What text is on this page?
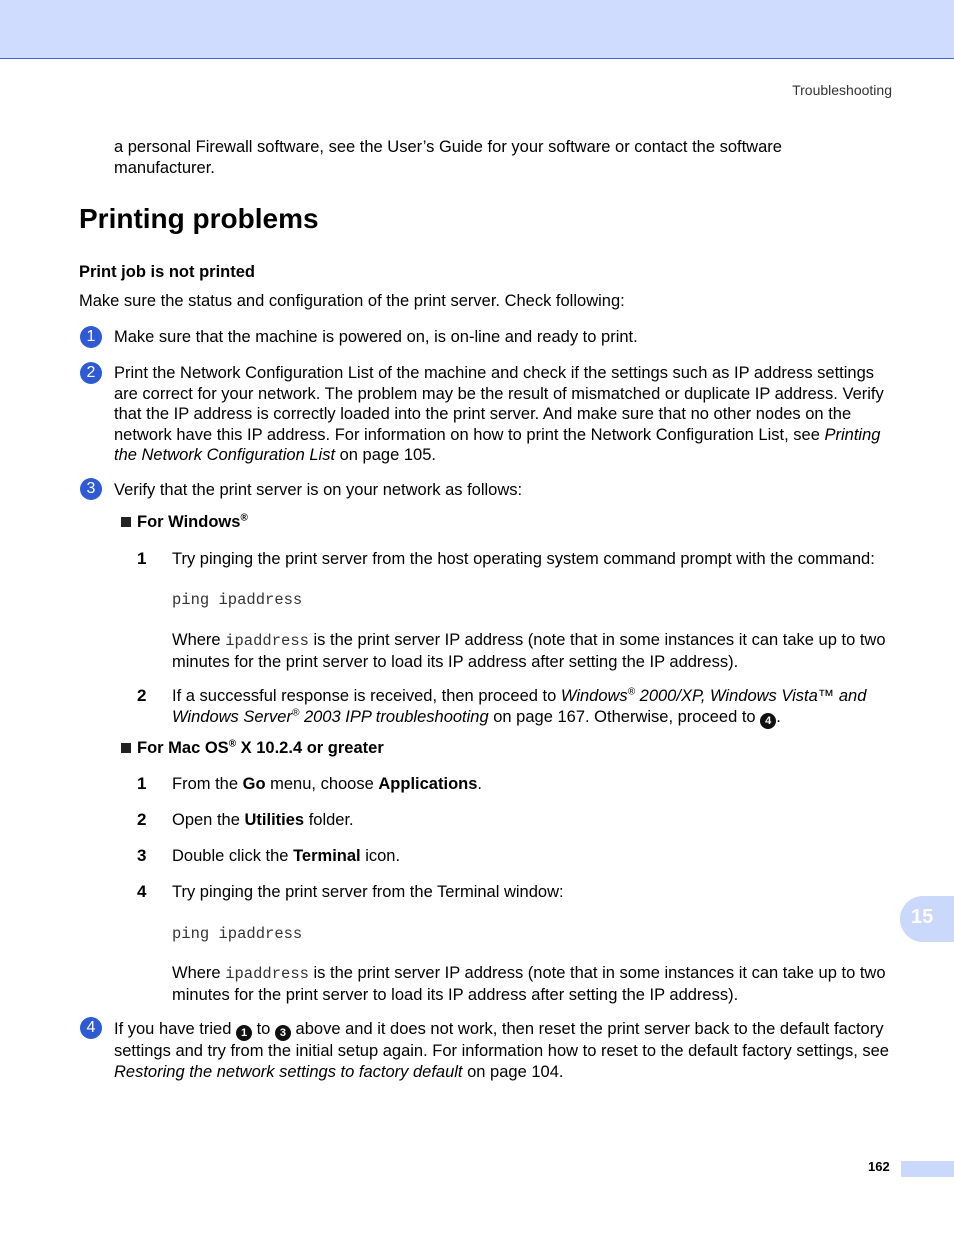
Troubleshooting
a personal Firewall software, see the User’s Guide for your software or contact the software manufacturer.
Printing problems
Print job is not printed
Make sure the status and configuration of the print server. Check following:
1	Make sure that the machine is powered on, is on-line and ready to print.
2	Print the Network Configuration List of the machine and check if the settings such as IP address settings are correct for your network. The problem may be the result of mismatched or duplicate IP address. Verify that the IP address is correctly loaded into the print server. And make sure that no other nodes on the network have this IP address. For information on how to print the Network Configuration List, see Printing the Network Configuration List on page 105.
3	Verify that the print server is on your network as follows:
For Windows®
1 Try pinging the print server from the host operating system command prompt with the command:
ping ipaddress
Where ipaddress is the print server IP address (note that in some instances it can take up to two minutes for the print server to load its IP address after setting the IP address).
2 If a successful response is received, then proceed to Windows® 2000/XP, Windows Vista™ and Windows Server® 2003 IPP troubleshooting on page 167. Otherwise, proceed to 4 .
For Mac OS® X 10.2.4 or greater
1 From the Go menu, choose Applications.
2 Open the Utilities folder.
3 Double click the Terminal icon.
4 Try pinging the print server from the Terminal window:
ping ipaddress
Where ipaddress is the print server IP address (note that in some instances it can take up to two minutes for the print server to load its IP address after setting the IP address).
4	If you have tried 1 to 3 above and it does not work, then reset the print server back to the default factory settings and try from the initial setup again. For information how to reset to the default factory settings, see Restoring the network settings to factory default on page 104.
15
162
